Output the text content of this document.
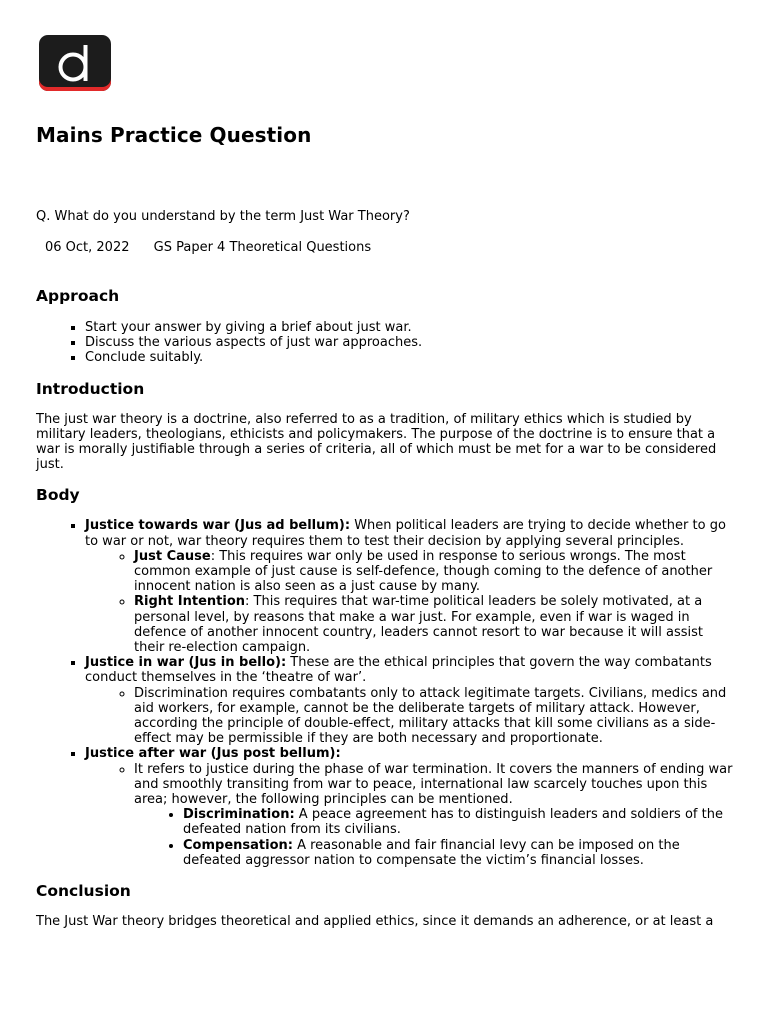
Mains Practice Question
Q. What do you understand by the term Just War Theory?
06 Oct, 2022 GS Paper 4 Theoretical Questions
Approach
▪ Start your answer by giving a brief about just war.
▪ Discuss the various aspects of just war approaches.
▪ Conclude suitably.
Introduction

The just war theory is a doctrine, also referred to as a tradition, of military ethics which is studied by military leaders, theologians, ethicists and policymakers. The purpose of the doctrine is to ensure that a war is morally justifiable through a series of criteria, all of which must be met for a war to be considered just.

Body
▪ Justice towards war (Jus ad bellum): When political leaders are trying to decide whether to go to war or not, war theory requires them to test their decision by applying several principles.
◦ Just Cause: This requires war only be used in response to serious wrongs. The most common example of just cause is self-defence, though coming to the defence of another innocent nation is also seen as a just cause by many.
◦ Right Intention: This requires that war-time political leaders be solely motivated, at a personal level, by reasons that make a war just. For example, even if war is waged in defence of another innocent country, leaders cannot resort to war because it will assist their re-election campaign.
▪ Justice in war (Jus in bello): These are the ethical principles that govern the way combatants conduct themselves in the ‘theatre of war’.
◦ Discrimination requires combatants only to attack legitimate targets. Civilians, medics and aid workers, for example, cannot be the deliberate targets of military attack. However, according the principle of double-effect, military attacks that kill some civilians as a side-effect may be permissible if they are both necessary and proportionate.
▪ Justice after war (Jus post bellum):
◦ It refers to justice during the phase of war termination. It covers the manners of ending war and smoothly transiting from war to peace, international law scarcely touches upon this area; however, the following principles can be mentioned.
• Discrimination: A peace agreement has to distinguish leaders and soldiers of the defeated nation from its civilians.
• Compensation: A reasonable and fair financial levy can be imposed on the defeated aggressor nation to compensate the victim’s financial losses.
Conclusion

The Just War theory bridges theoretical and applied ethics, since it demands an adherence, or at least a
